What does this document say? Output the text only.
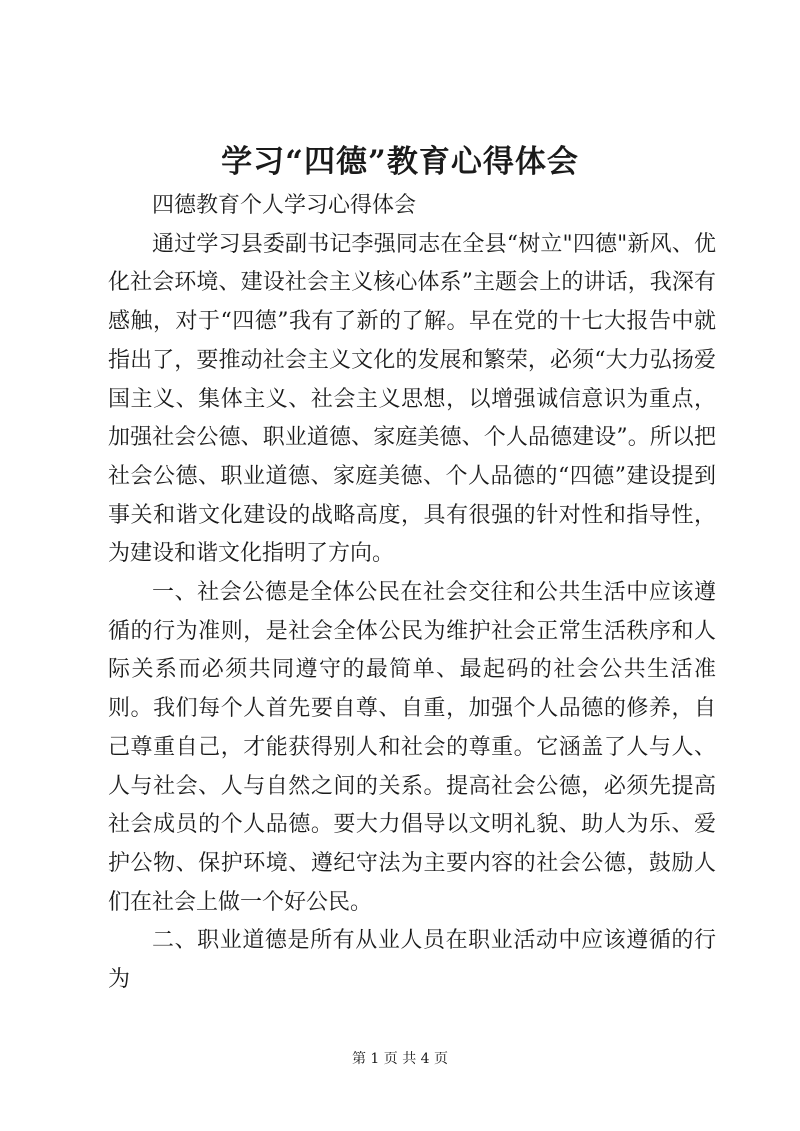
学习“四德”教育心得体会

四德教育个人学习心得体会

通过学习县委副书记李强同志在全县“树立"四德"新风、优化社会环境、建设社会主义核心体系”主题会上的讲话，我深有感触，对于“四德”我有了新的了解。早在党的十七大报告中就指出了，要推动社会主义文化的发展和繁荣，必须“大力弘扬爱国主义、集体主义、社会主义思想，以增强诚信意识为重点，加强社会公德、职业道德、家庭美德、个人品德建设”。所以把社会公德、职业道德、家庭美德、个人品德的“四德”建设提到事关和谐文化建设的战略高度，具有很强的针对性和指导性，为建设和谐文化指明了方向。

一、社会公德是全体公民在社会交往和公共生活中应该遵循的行为准则，是社会全体公民为维护社会正常生活秩序和人际关系而必须共同遵守的最简单、最起码的社会公共生活准则。我们每个人首先要自尊、自重，加强个人品德的修养，自己尊重自己，才能获得别人和社会的尊重。它涵盖了人与人、人与社会、人与自然之间的关系。提高社会公德，必须先提高社会成员的个人品德。要大力倡导以文明礼貌、助人为乐、爱护公物、保护环境、遵纪守法为主要内容的社会公德，鼓励人们在社会上做一个好公民。

二、职业道德是所有从业人员在职业活动中应该遵循的行为

第 1 页 共 4 页
